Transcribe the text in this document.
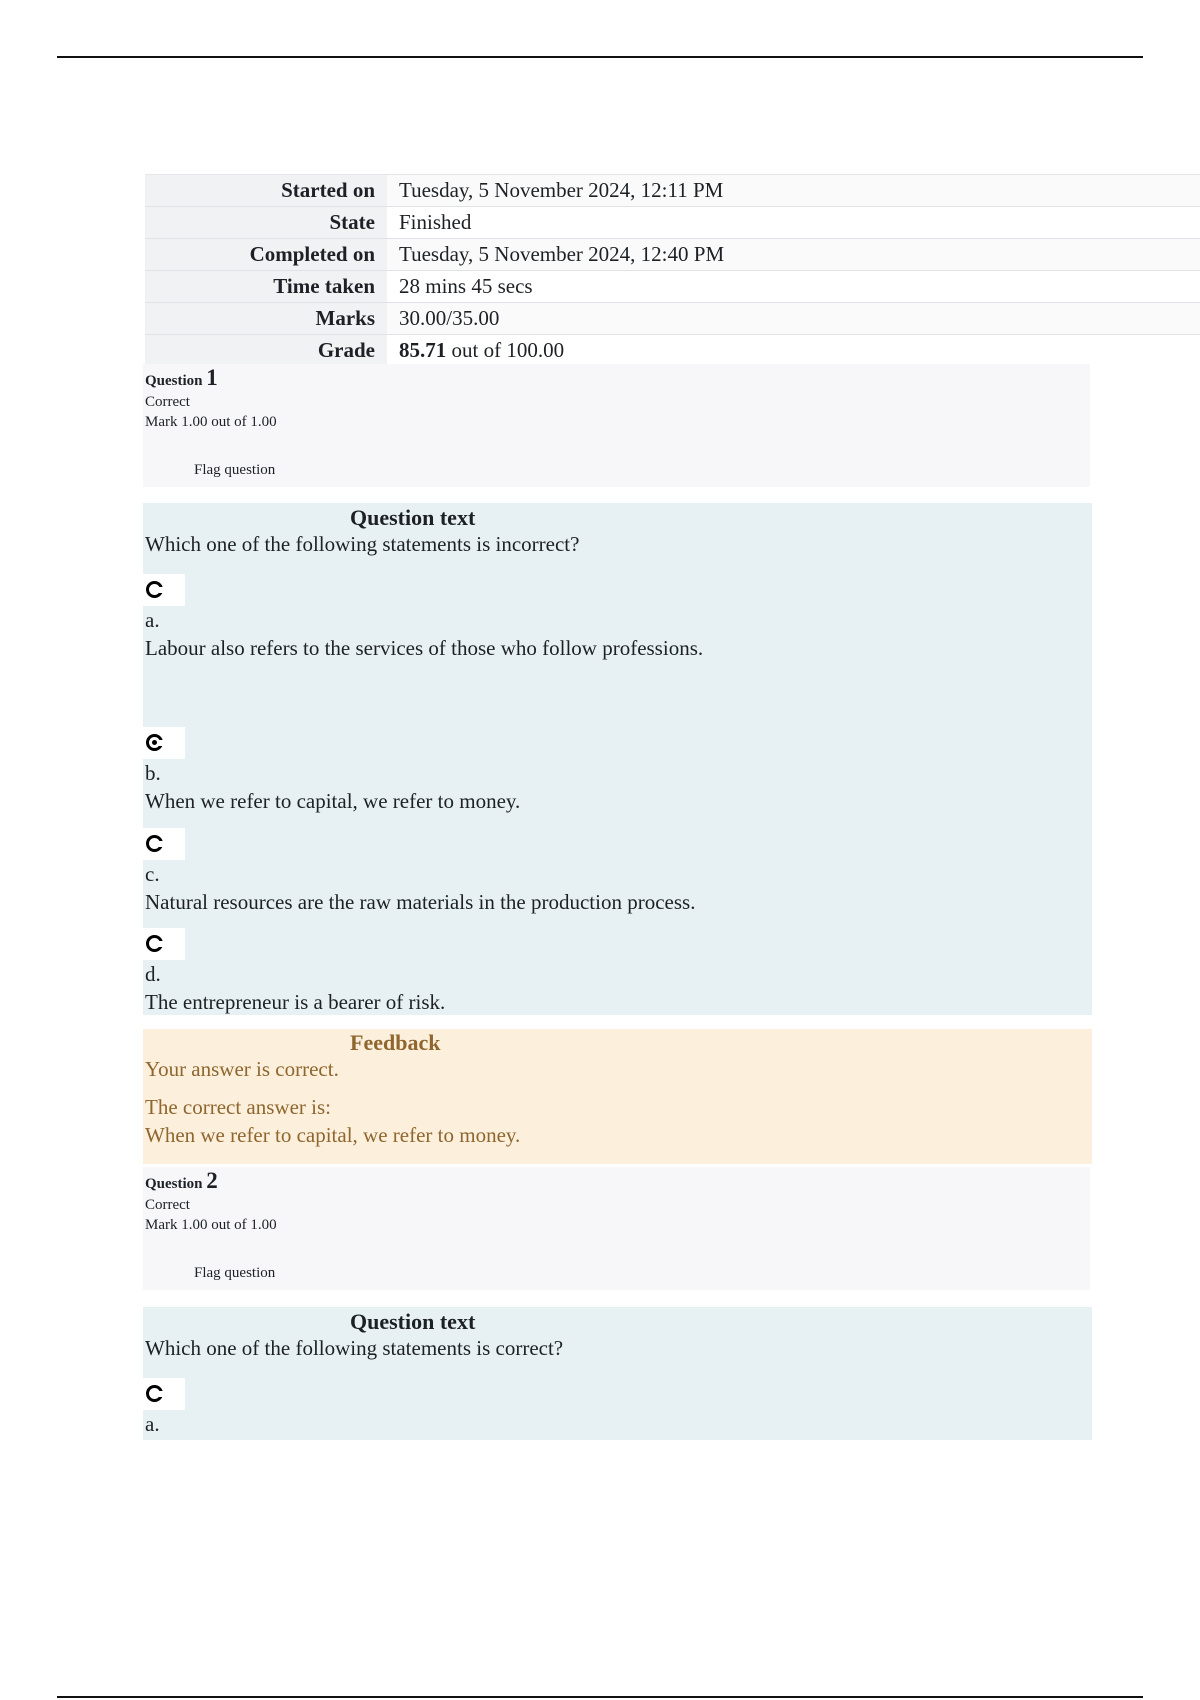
Started on	Tuesday, 5 November 2024, 12:11 PM
State	Finished
Completed on	Tuesday, 5 November 2024, 12:40 PM
Time taken	28 mins 45 secs
Marks	30.00/35.00
Grade	85.71 out of 100.00
Question 1
Correct
Mark 1.00 out of 1.00
Flag question
Question text
Which one of the following statements is incorrect?
a.
Labour also refers to the services of those who follow professions.
b.
When we refer to capital, we refer to money.
c.
Natural resources are the raw materials in the production process.
d.
The entrepreneur is a bearer of risk.
Feedback
Your answer is correct.
The correct answer is:
When we refer to capital, we refer to money.
Question 2
Correct
Mark 1.00 out of 1.00
Flag question
Question text
Which one of the following statements is correct?
a.
